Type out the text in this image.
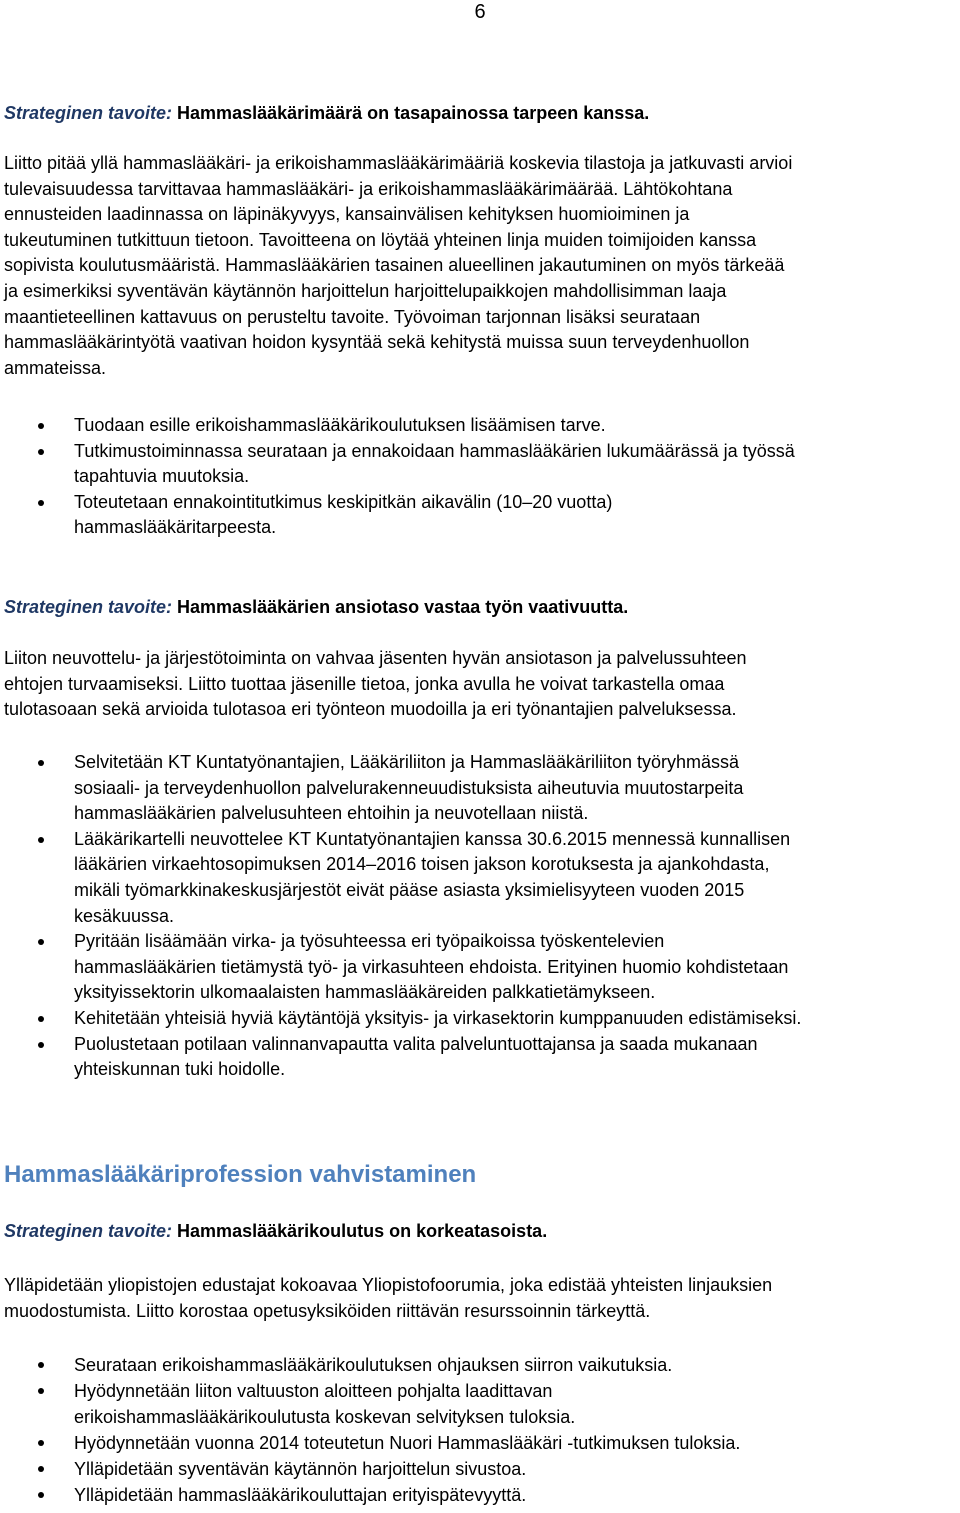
6

Strateginen tavoite: Hammaslääkärimäärä on tasapainossa tarpeen kanssa.

Liitto pitää yllä hammaslääkäri- ja erikoishammaslääkärimääriä koskevia tilastoja ja jatkuvasti arvioi
tulevaisuudessa tarvittavaa hammaslääkäri- ja erikoishammaslääkärimäärää. Lähtökohtana
ennusteiden laadinnassa on läpinäkyvyys, kansainvälisen kehityksen huomioiminen ja
tukeutuminen tutkittuun tietoon. Tavoitteena on löytää yhteinen linja muiden toimijoiden kanssa
sopivista koulutusmääristä. Hammaslääkärien tasainen alueellinen jakautuminen on myös tärkeää
ja esimerkiksi syventävän käytännön harjoittelun harjoittelupaikkojen mahdollisimman laaja
maantieteellinen kattavuus on perusteltu tavoite. Työvoiman tarjonnan lisäksi seurataan
hammaslääkärintyötä vaativan hoidon kysyntää sekä kehitystä muissa suun terveydenhuollon
ammateissa.

Tuodaan esille erikoishammaslääkärikoulutuksen lisäämisen tarve.
Tutkimustoiminnassa seurataan ja ennakoidaan hammaslääkärien lukumäärässä ja työssä
tapahtuvia muutoksia.
Toteutetaan ennakointitutkimus keskipitkän aikavälin (10–20 vuotta)
hammaslääkäritarpeesta.

Strateginen tavoite: Hammaslääkärien ansiotaso vastaa työn vaativuutta.

Liiton neuvottelu- ja järjestötoiminta on vahvaa jäsenten hyvän ansiotason ja palvelussuhteen
ehtojen turvaamiseksi. Liitto tuottaa jäsenille tietoa, jonka avulla he voivat tarkastella omaa
tulotasoaan sekä arvioida tulotasoa eri työnteon muodoilla ja eri työnantajien palveluksessa.

Selvitetään KT Kuntatyönantajien, Lääkäriliiton ja Hammaslääkäriliiton työryhmässä
sosiaali- ja terveydenhuollon palvelurakenneuudistuksista aiheutuvia muutostarpeita
hammaslääkärien palvelusuhteen ehtoihin ja neuvotellaan niistä.
Lääkärikartelli neuvottelee KT Kuntatyönantajien kanssa 30.6.2015 mennessä kunnallisen
lääkärien virkaehtosopimuksen 2014–2016 toisen jakson korotuksesta ja ajankohdasta,
mikäli työmarkkinakeskusjärjestöt eivät pääse asiasta yksimielisyyteen vuoden 2015
kesäkuussa.
Pyritään lisäämään virka- ja työsuhteessa eri työpaikoissa työskentelevien
hammaslääkärien tietämystä työ- ja virkasuhteen ehdoista. Erityinen huomio kohdistetaan
yksityissektorin ulkomaalaisten hammaslääkäreiden palkkatietämykseen.
Kehitetään yhteisiä hyviä käytäntöjä yksityis- ja virkasektorin kumppanuuden edistämiseksi.
Puolustetaan potilaan valinnanvapautta valita palveluntuottajansa ja saada mukanaan
yhteiskunnan tuki hoidolle.
Hammaslääkäriprofession vahvistaminen

Strateginen tavoite: Hammaslääkärikoulutus on korkeatasoista.

Ylläpidetään yliopistojen edustajat kokoavaa Yliopistofoorumia, joka edistää yhteisten linjauksien
muodostumista. Liitto korostaa opetusyksiköiden riittävän resurssoinnin tärkeyttä.

Seurataan erikoishammaslääkärikoulutuksen ohjauksen siirron vaikutuksia.
Hyödynnetään liiton valtuuston aloitteen pohjalta laadittavan
erikoishammaslääkärikoulutusta koskevan selvityksen tuloksia.
Hyödynnetään vuonna 2014 toteutetun Nuori Hammaslääkäri -tutkimuksen tuloksia.
Ylläpidetään syventävän käytännön harjoittelun sivustoa.
Ylläpidetään hammaslääkärikouluttajan erityispätevyyttä.
